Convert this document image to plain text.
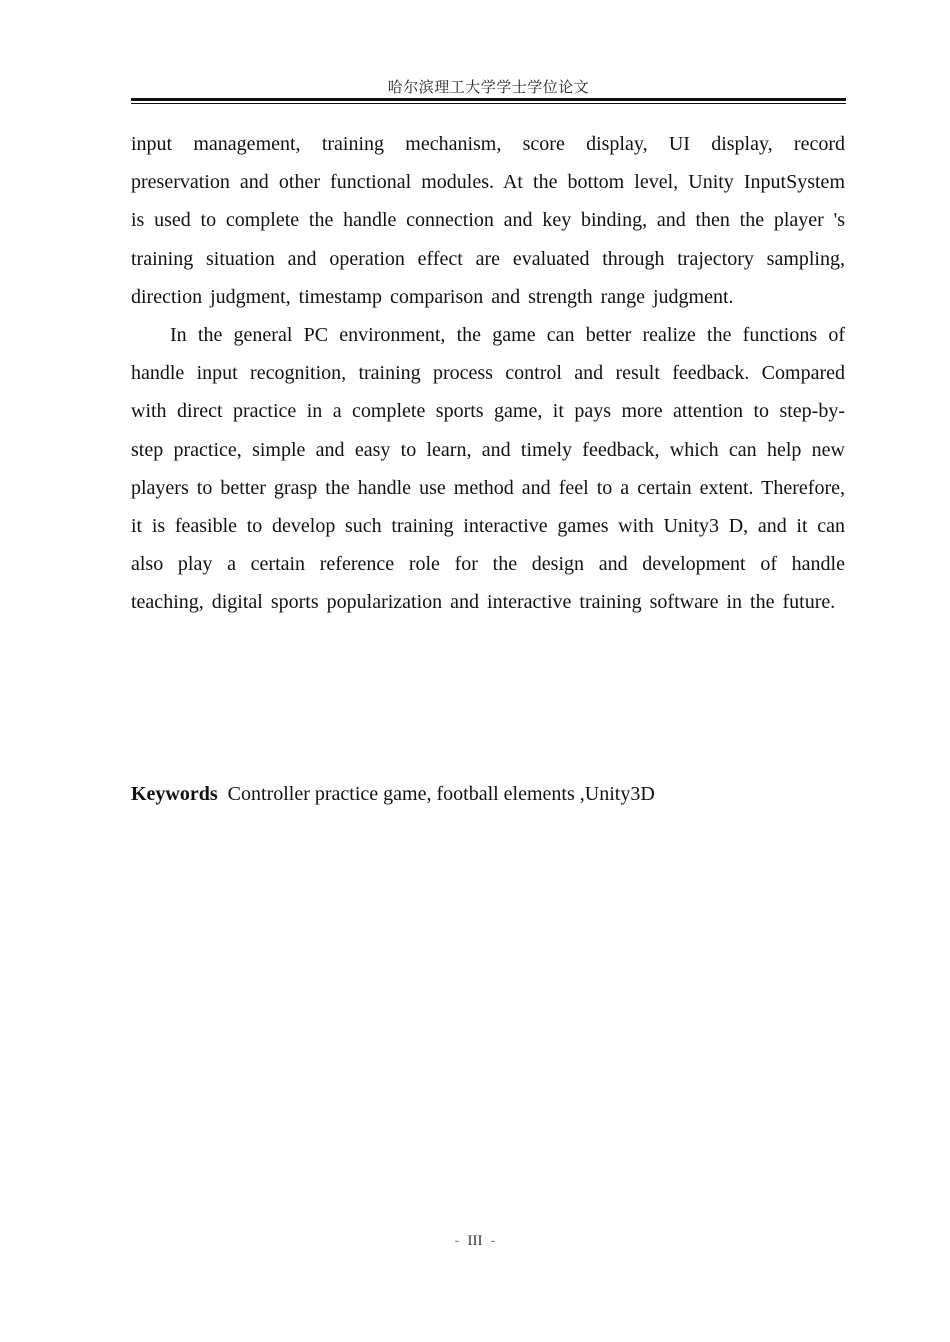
哈尔滨理工大学学士学位论文

input management, training mechanism, score display, UI display, record preservation and other functional modules. At the bottom level, Unity InputSystem is used to complete the handle connection and key binding, and then the player 's training situation and operation effect are evaluated through trajectory sampling, direction judgment, timestamp comparison and strength range judgment.

In the general PC environment, the game can better realize the functions of handle input recognition, training process control and result feedback. Compared with direct practice in a complete sports game, it pays more attention to step-by-step practice, simple and easy to learn, and timely feedback, which can help new players to better grasp the handle use method and feel to a certain extent. Therefore, it is feasible to develop such training interactive games with Unity3 D, and it can also play a certain reference role for the design and development of handle teaching, digital sports popularization and interactive training software in the future.

Keywords Controller practice game, football elements ,Unity3D
- III -
